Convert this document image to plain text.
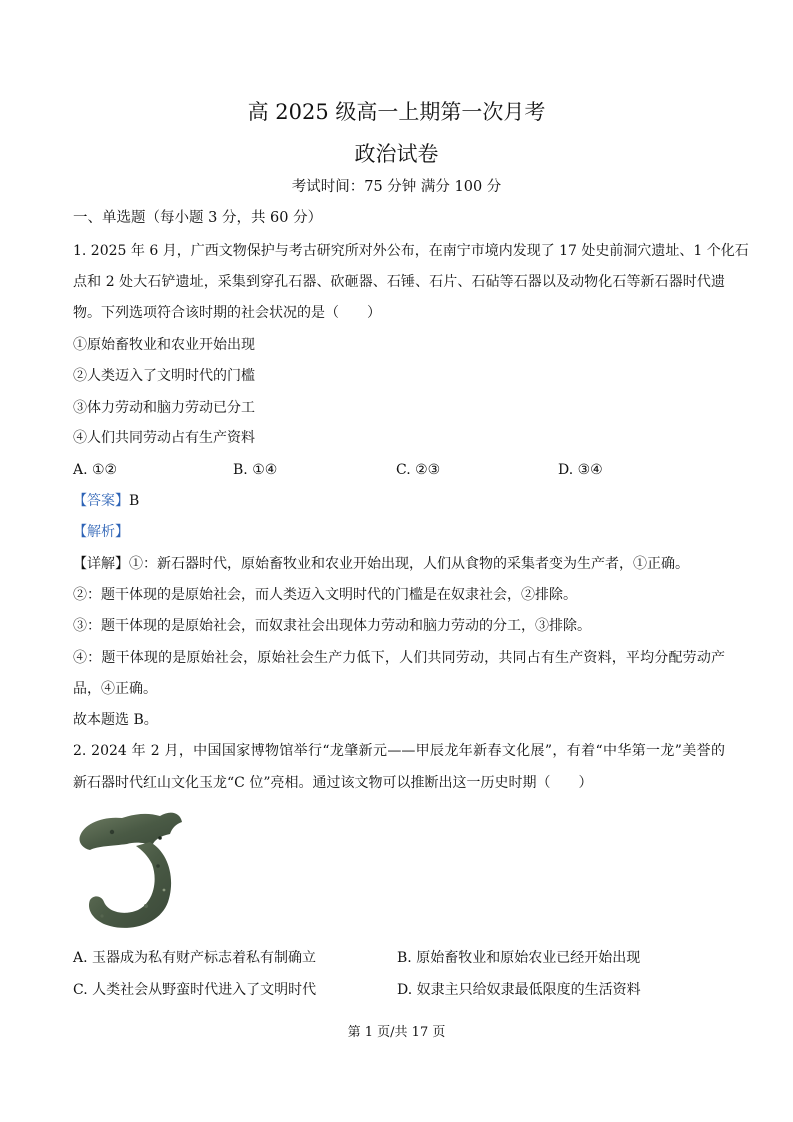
高 2025 级高一上期第一次月考
政治试卷
考试时间：75 分钟 满分 100 分
一、单选题（每小题 3 分，共 60 分）
1. 2025 年 6 月，广西文物保护与考古研究所对外公布，在南宁市境内发现了 17 处史前洞穴遗址、1 个化石
点和 2 处大石铲遗址，采集到穿孔石器、砍砸器、石锤、石片、石砧等石器以及动物化石等新石器时代遗
物。下列选项符合该时期的社会状况的是（　　）
①原始畜牧业和农业开始出现
②人类迈入了文明时代的门槛
③体力劳动和脑力劳动已分工
④人们共同劳动占有生产资料
A. ①②	B. ①④	C. ②③	D. ③④
【答案】B
【解析】
【详解】①：新石器时代，原始畜牧业和农业开始出现，人们从食物的采集者变为生产者，①正确。
②：题干体现的是原始社会，而人类迈入文明时代的门槛是在奴隶社会，②排除。
③：题干体现的是原始社会，而奴隶社会出现体力劳动和脑力劳动的分工，③排除。
④：题干体现的是原始社会，原始社会生产力低下，人们共同劳动，共同占有生产资料，平均分配劳动产
品，④正确。
故本题选 B。
2. 2024 年 2 月，中国国家博物馆举行“龙肇新元——甲辰龙年新春文化展”，有着“中华第一龙”美誉的
新石器时代红山文化玉龙“C 位”亮相。通过该文物可以推断出这一历史时期（　　）
A. 玉器成为私有财产标志着私有制确立	B. 原始畜牧业和原始农业已经开始出现
C. 人类社会从野蛮时代进入了文明时代	D. 奴隶主只给奴隶最低限度的生活资料
第 1 页/共 17 页
